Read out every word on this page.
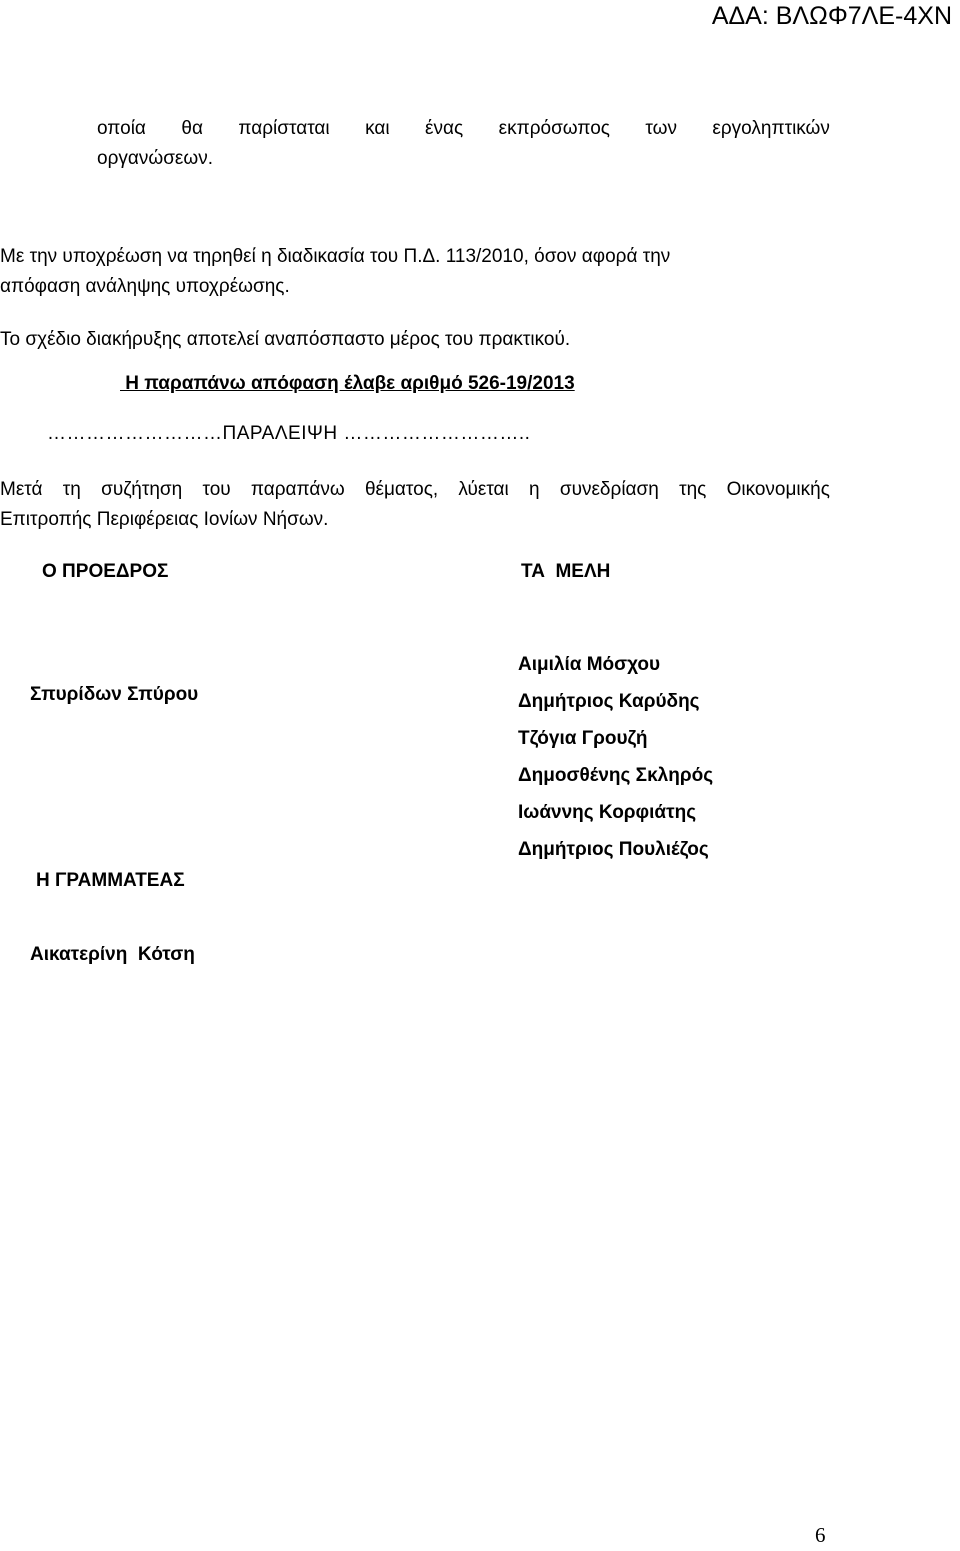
ΑΔΑ: ΒΛΩΦ7ΛΕ-4ΧΝ
οποία θα παρίσταται και ένας εκπρόσωπος των εργοληπτικών
οργανώσεων.
Με την υποχρέωση να τηρηθεί η διαδικασία του Π.Δ. 113/2010, όσον αφορά την
απόφαση ανάληψης υποχρέωσης.
Το σχέδιο διακήρυξης αποτελεί αναπόσπαστο μέρος του πρακτικού.
Η παραπάνω απόφαση έλαβε αριθμό 526-19/2013
………………………ΠΑΡΑΛΕΙΨΗ ………………………..
Μετά τη συζήτηση του παραπάνω θέματος, λύεται η συνεδρίαση της Οικονομικής
Επιτροπής Περιφέρειας Ιονίων Νήσων.
Ο ΠΡΟΕΔΡΟΣ	ΤΑ  ΜΕΛΗ
Σπυρίδων Σπύρου
Αιμιλία Μόσχου
Δημήτριος Καρύδης
Τζόγια Γρουζή
Δημοσθένης Σκληρός
Ιωάννης Κορφιάτης
Δημήτριος Πουλιέζος
Η ΓΡΑΜΜΑΤΕΑΣ
Αικατερίνη  Κότση
6
